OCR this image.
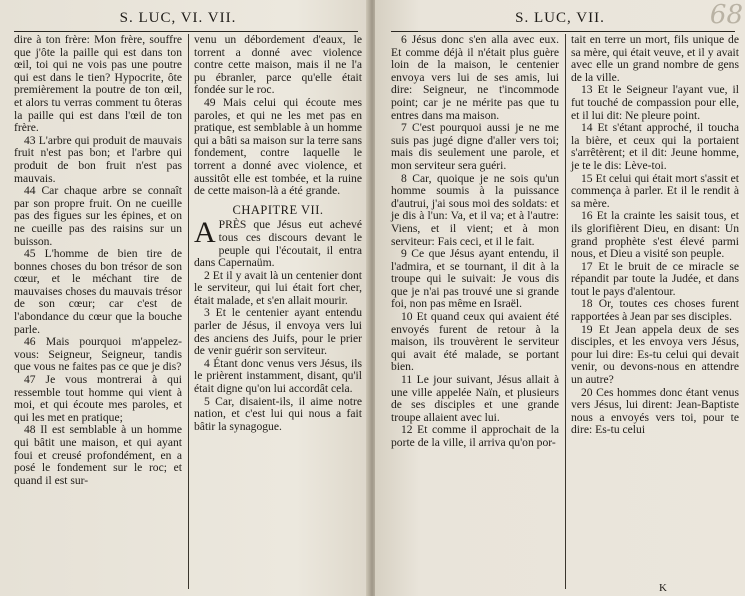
S. LUC, VI. VII.

dire à ton frère: Mon frère, souffre que j'ôte la paille qui est dans ton œil, toi qui ne vois pas une poutre qui est dans le tien? Hypocrite, ôte premièrement la poutre de ton œil, et alors tu verras comment tu ôteras la paille qui est dans l'œil de ton frère.

43 L'arbre qui produit de mauvais fruit n'est pas bon; et l'arbre qui produit de bon fruit n'est pas mauvais.

44 Car chaque arbre se connaît par son propre fruit. On ne cueille pas des figues sur les épines, et on ne cueille pas des raisins sur un buisson.

45 L'homme de bien tire de bonnes choses du bon trésor de son cœur, et le méchant tire de mauvaises choses du mauvais trésor de son cœur; car c'est de l'abondance du cœur que la bouche parle.

46 Mais pourquoi m'appelez-vous: Seigneur, Seigneur, tandis que vous ne faites pas ce que je dis?

47 Je vous montrerai à qui ressemble tout homme qui vient à moi, et qui écoute mes paroles, et qui les met en pratique;

48 Il est semblable à un homme qui bâtit une maison, et qui ayant foui et creusé profondément, en a posé le fondement sur le roc; et quand il est sur-

venu un débordement d'eaux, le torrent a donné avec violence contre cette maison, mais il ne l'a pu ébranler, parce qu'elle était fondée sur le roc.

49 Mais celui qui écoute mes paroles, et qui ne les met pas en pratique, est semblable à un homme qui a bâti sa maison sur la terre sans fondement, contre laquelle le torrent a donné avec violence, et aussitôt elle est tombée, et la ruine de cette maison-là a été grande.

CHAPITRE VII.

APRÈS que Jésus eut achevé tous ces discours devant le peuple qui l'écoutait, il entra dans Capernaüm.

2 Et il y avait là un centenier dont le serviteur, qui lui était fort cher, était malade, et s'en allait mourir.

3 Et le centenier ayant entendu parler de Jésus, il envoya vers lui des anciens des Juifs, pour le prier de venir guérir son serviteur.

4 Étant donc venus vers Jésus, ils le prièrent instamment, disant, qu'il était digne qu'on lui accordât cela.

5 Car, disaient-ils, il aime notre nation, et c'est lui qui nous a fait bâtir la synagogue.

S. LUC, VII.	68

6 Jésus donc s'en alla avec eux. Et comme déjà il n'était plus guère loin de la maison, le centenier envoya vers lui de ses amis, lui dire: Seigneur, ne t'incommode point; car je ne mérite pas que tu entres dans ma maison.

7 C'est pourquoi aussi je ne me suis pas jugé digne d'aller vers toi; mais dis seulement une parole, et mon serviteur sera guéri.

8 Car, quoique je ne sois qu'un homme soumis à la puissance d'autrui, j'ai sous moi des soldats: et je dis à l'un: Va, et il va; et à l'autre: Viens, et il vient; et à mon serviteur: Fais ceci, et il le fait.

9 Ce que Jésus ayant entendu, il l'admira, et se tournant, il dit à la troupe qui le suivait: Je vous dis que je n'ai pas trouvé une si grande foi, non pas même en Israël.

10 Et quand ceux qui avaient été envoyés furent de retour à la maison, ils trouvèrent le serviteur qui avait été malade, se portant bien.

11 Le jour suivant, Jésus allait à une ville appelée Naïn, et plusieurs de ses disciples et une grande troupe allaient avec lui.

12 Et comme il approchait de la porte de la ville, il arriva qu'on por-

tait en terre un mort, fils unique de sa mère, qui était veuve, et il y avait avec elle un grand nombre de gens de la ville.

13 Et le Seigneur l'ayant vue, il fut touché de compassion pour elle, et il lui dit: Ne pleure point.

14 Et s'étant approché, il toucha la bière, et ceux qui la portaient s'arrêtèrent; et il dit: Jeune homme, je te le dis: Lève-toi.

15 Et celui qui était mort s'assit et commença à parler. Et il le rendit à sa mère.

16 Et la crainte les saisit tous, et ils glorifièrent Dieu, en disant: Un grand prophète s'est élevé parmi nous, et Dieu a visité son peuple.

17 Et le bruit de ce miracle se répandit par toute la Judée, et dans tout le pays d'alentour.

18 Or, toutes ces choses furent rapportées à Jean par ses disciples.

19 Et Jean appela deux de ses disciples, et les envoya vers Jésus, pour lui dire: Es-tu celui qui devait venir, ou devons-nous en attendre un autre?

20 Ces hommes donc étant venus vers Jésus, lui dirent: Jean-Baptiste nous a envoyés vers toi, pour te dire: Es-tu celui

K
